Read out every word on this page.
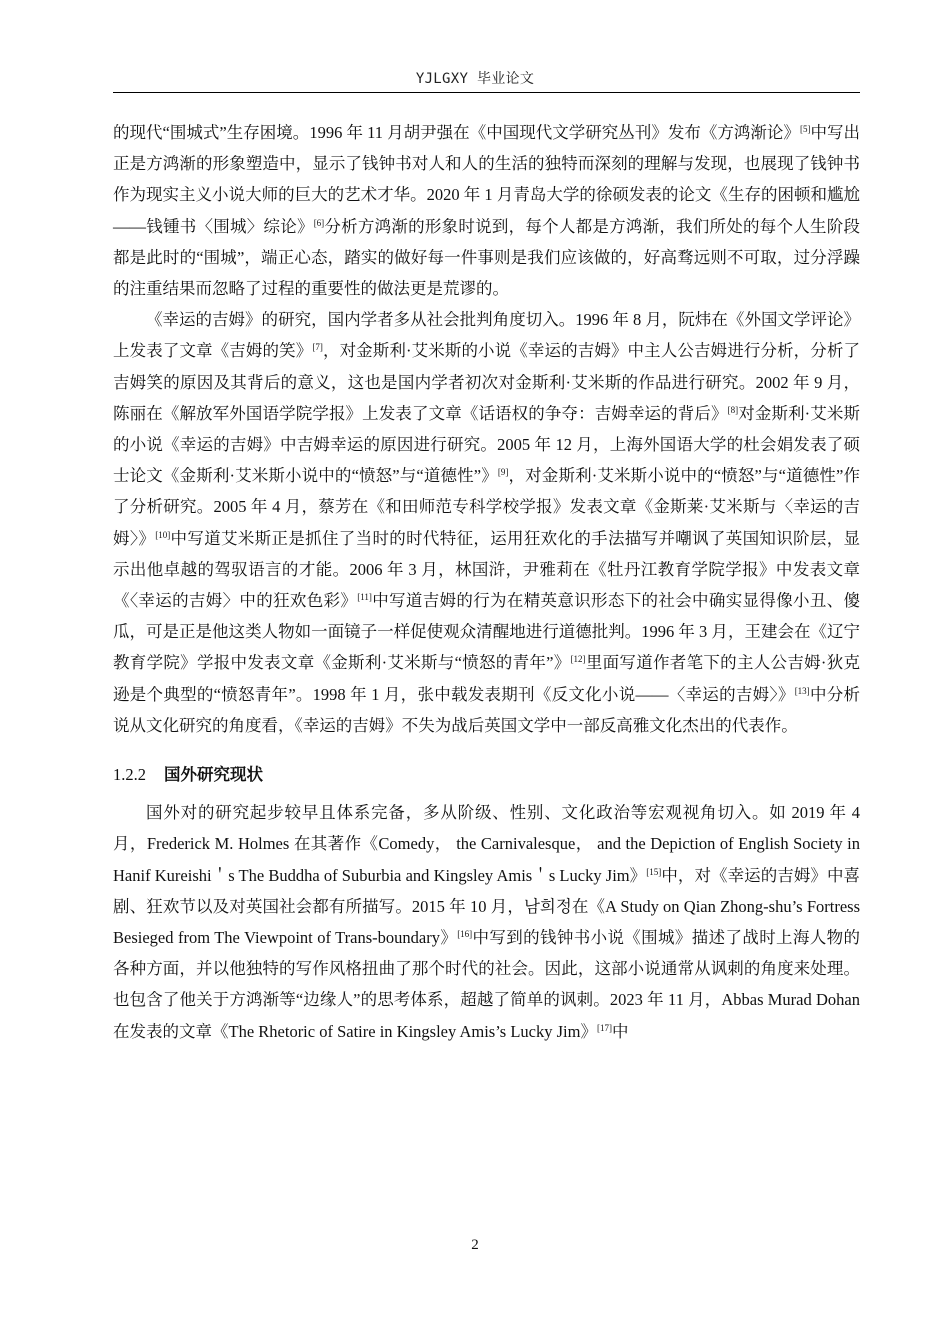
YJLGXY 毕业论文

的现代“围城式”生存困境。1996 年 11 月胡尹强在《中国现代文学研究丛刊》发布《方鸿渐论》[5]中写出正是方鸿渐的形象塑造中，显示了钱钟书对人和人的生活的独特而深刻的理解与发现，也展现了钱钟书作为现实主义小说大师的巨大的艺术才华。2020 年 1 月青岛大学的徐硕发表的论文《生存的困顿和尴尬——钱锺书〈围城〉综论》[6]分析方鸿渐的形象时说到，每个人都是方鸿渐，我们所处的每个人生阶段都是此时的“围城”，端正心态，踏实的做好每一件事则是我们应该做的，好高骛远则不可取，过分浮躁的注重结果而忽略了过程的重要性的做法更是荒谬的。

《幸运的吉姆》的研究，国内学者多从社会批判角度切入。1996 年 8 月，阮炜在《外国文学评论》上发表了文章《吉姆的笑》[7]，对金斯利·艾米斯的小说《幸运的吉姆》中主人公吉姆进行分析，分析了吉姆笑的原因及其背后的意义，这也是国内学者初次对金斯利·艾米斯的作品进行研究。2002 年 9 月，陈丽在《解放军外国语学院学报》上发表了文章《话语权的争夺：吉姆幸运的背后》[8]对金斯利·艾米斯的小说《幸运的吉姆》中吉姆幸运的原因进行研究。2005 年 12 月，上海外国语大学的杜会娟发表了硕士论文《金斯利·艾米斯小说中的“愤怒”与“道德性”》[9]，对金斯利·艾米斯小说中的“愤怒”与“道德性”作了分析研究。2005 年 4 月，蔡芳在《和田师范专科学校学报》发表文章《金斯莱·艾米斯与〈幸运的吉姆〉》[10]中写道艾米斯正是抓住了当时的时代特征，运用狂欢化的手法描写并嘲讽了英国知识阶层，显示出他卓越的驾驭语言的才能。2006 年 3 月，林国浒，尹雅莉在《牡丹江教育学院学报》中发表文章《〈幸运的吉姆〉中的狂欢色彩》[11]中写道吉姆的行为在精英意识形态下的社会中确实显得像小丑、傻瓜，可是正是他这类人物如一面镜子一样促使观众清醒地进行道德批判。1996 年 3 月，王建会在《辽宁教育学院》学报中发表文章《金斯利·艾米斯与“愤怒的青年”》[12]里面写道作者笔下的主人公吉姆·狄克逊是个典型的“愤怒青年”。1998 年 1 月，张中载发表期刊《反文化小说——〈幸运的吉姆〉》[13]中分析说从文化研究的角度看，《幸运的吉姆》不失为战后英国文学中一部反高雅文化杰出的代表作。

1.2.2 国外研究现状

国外对的研究起步较早且体系完备，多从阶级、性别、文化政治等宏观视角切入。如 2019 年 4 月，Frederick M. Holmes 在其著作《Comedy， the Carnivalesque， and the Depiction of English Society in Hanif Kureishi＇s The Buddha of Suburbia and Kingsley Amis＇s Lucky Jim》[15]中，对《幸运的吉姆》中喜剧、狂欢节以及对英国社会都有所描写。2015 年 10 月，남희정在《A Study on Qian Zhong-shu’s Fortress Besieged from The Viewpoint of Trans-boundary》[16]中写到的钱钟书小说《围城》描述了战时上海人物的各种方面，并以他独特的写作风格扭曲了那个时代的社会。因此，这部小说通常从讽刺的角度来处理。也包含了他关于方鸿渐等“边缘人”的思考体系，超越了简单的讽刺。2023 年 11 月，Abbas Murad Dohan 在发表的文章《The Rhetoric of Satire in Kingsley Amis’s Lucky Jim》[17]中

2
